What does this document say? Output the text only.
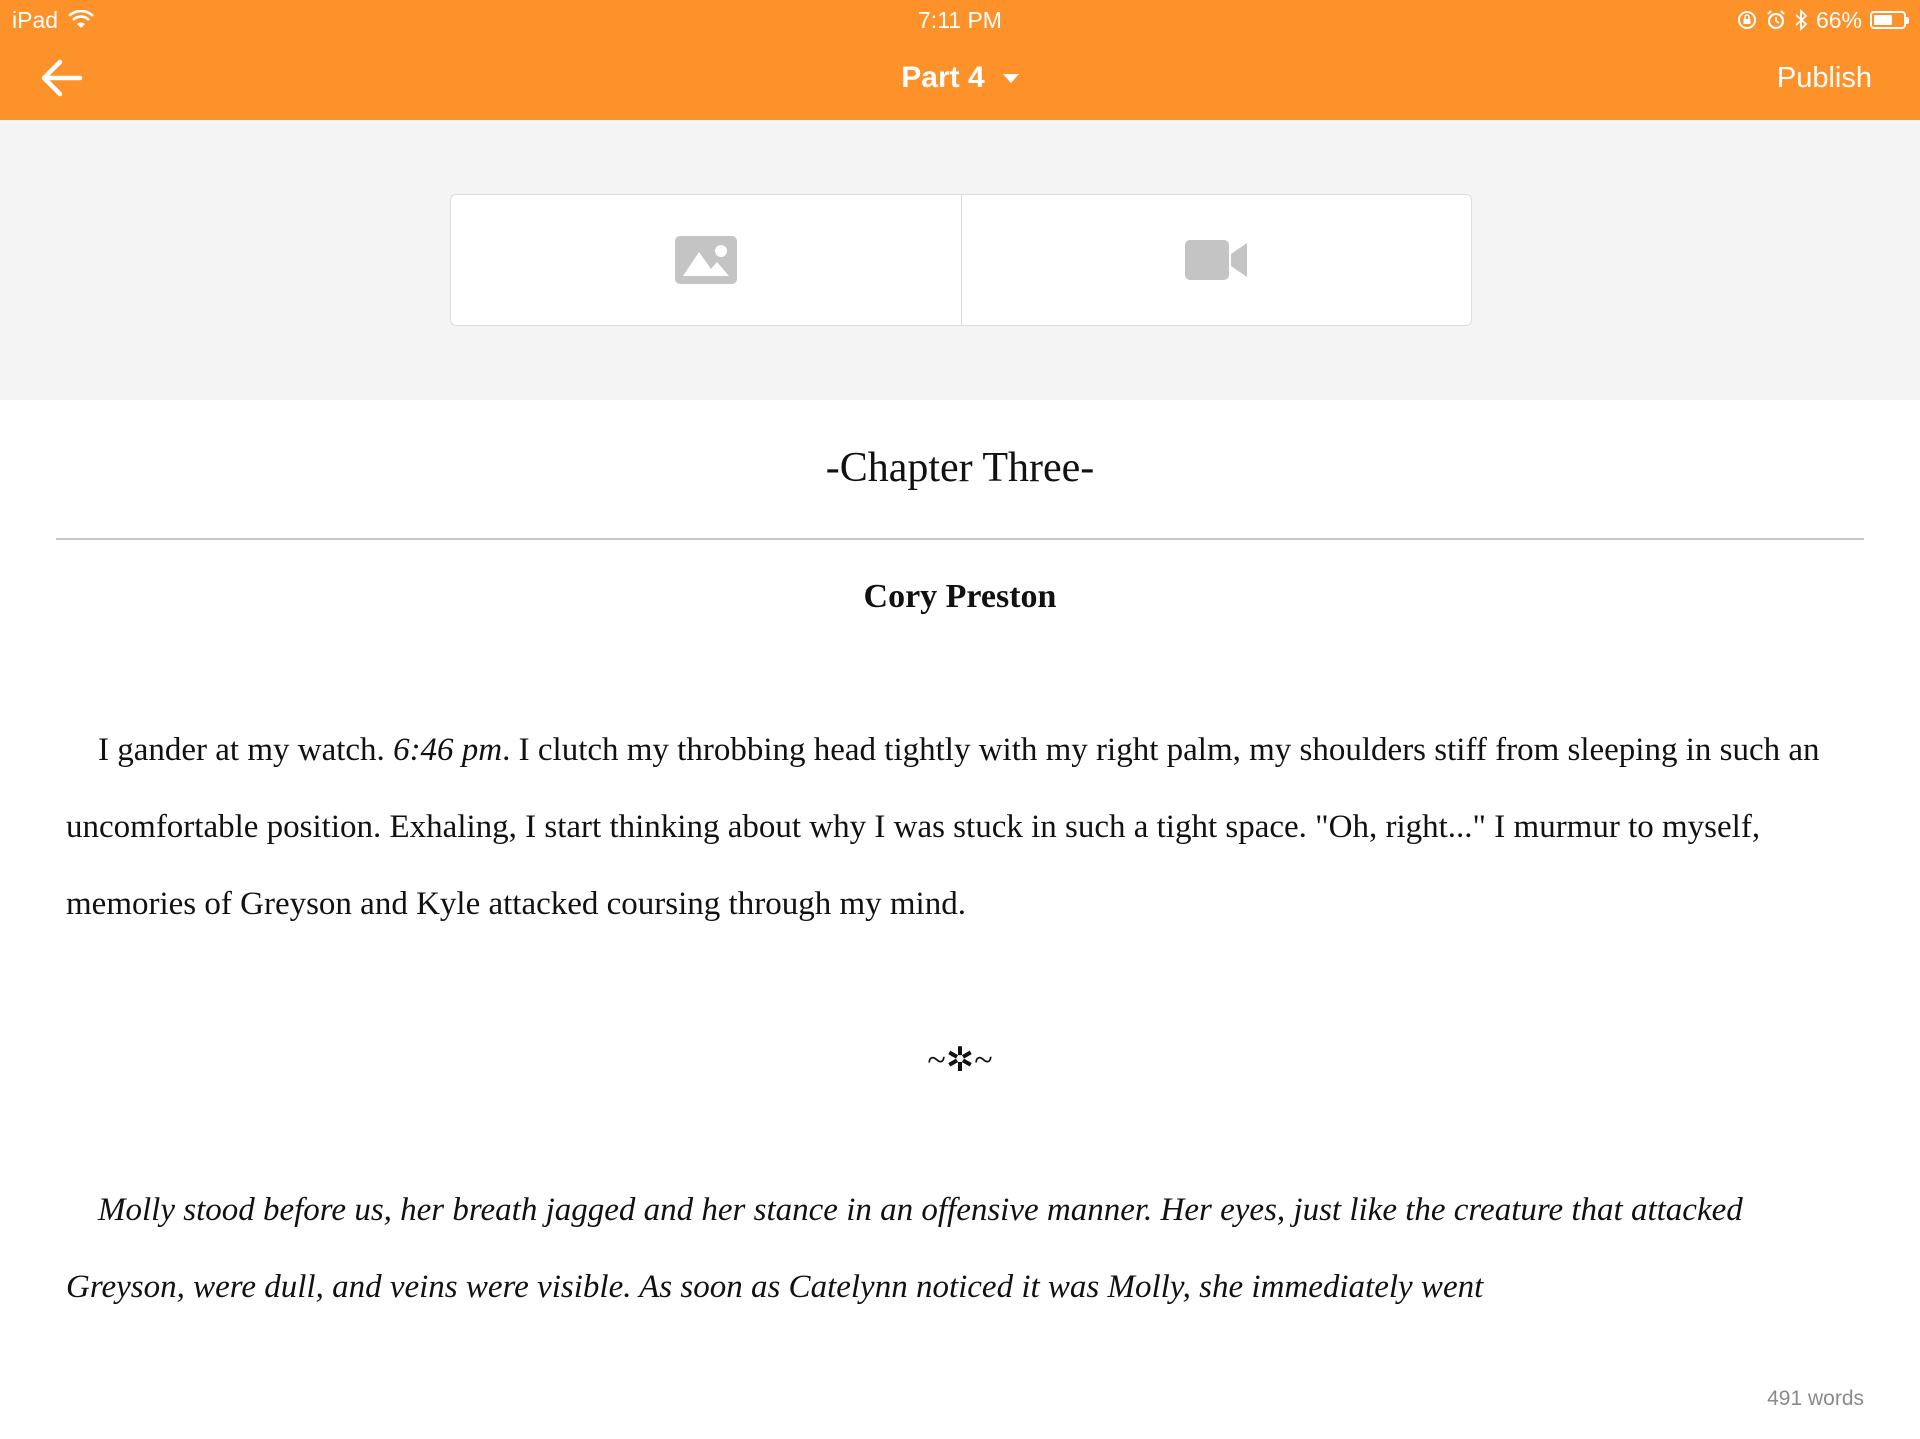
iPad	7:11 PM	66%
Part 4	Publish
-Chapter Three-
Cory Preston
I gander at my watch. 6:46 pm. I clutch my throbbing head tightly with my right palm, my shoulders stiff from sleeping in such an uncomfortable position. Exhaling, I start thinking about why I was stuck in such a tight space. "Oh, right..." I murmur to myself, memories of Greyson and Kyle attacked coursing through my mind.
~✲~
Molly stood before us, her breath jagged and her stance in an offensive manner. Her eyes, just like the creature that attacked Greyson, were dull, and veins were visible. As soon as Catelynn noticed it was Molly, she immediately went
491 words
